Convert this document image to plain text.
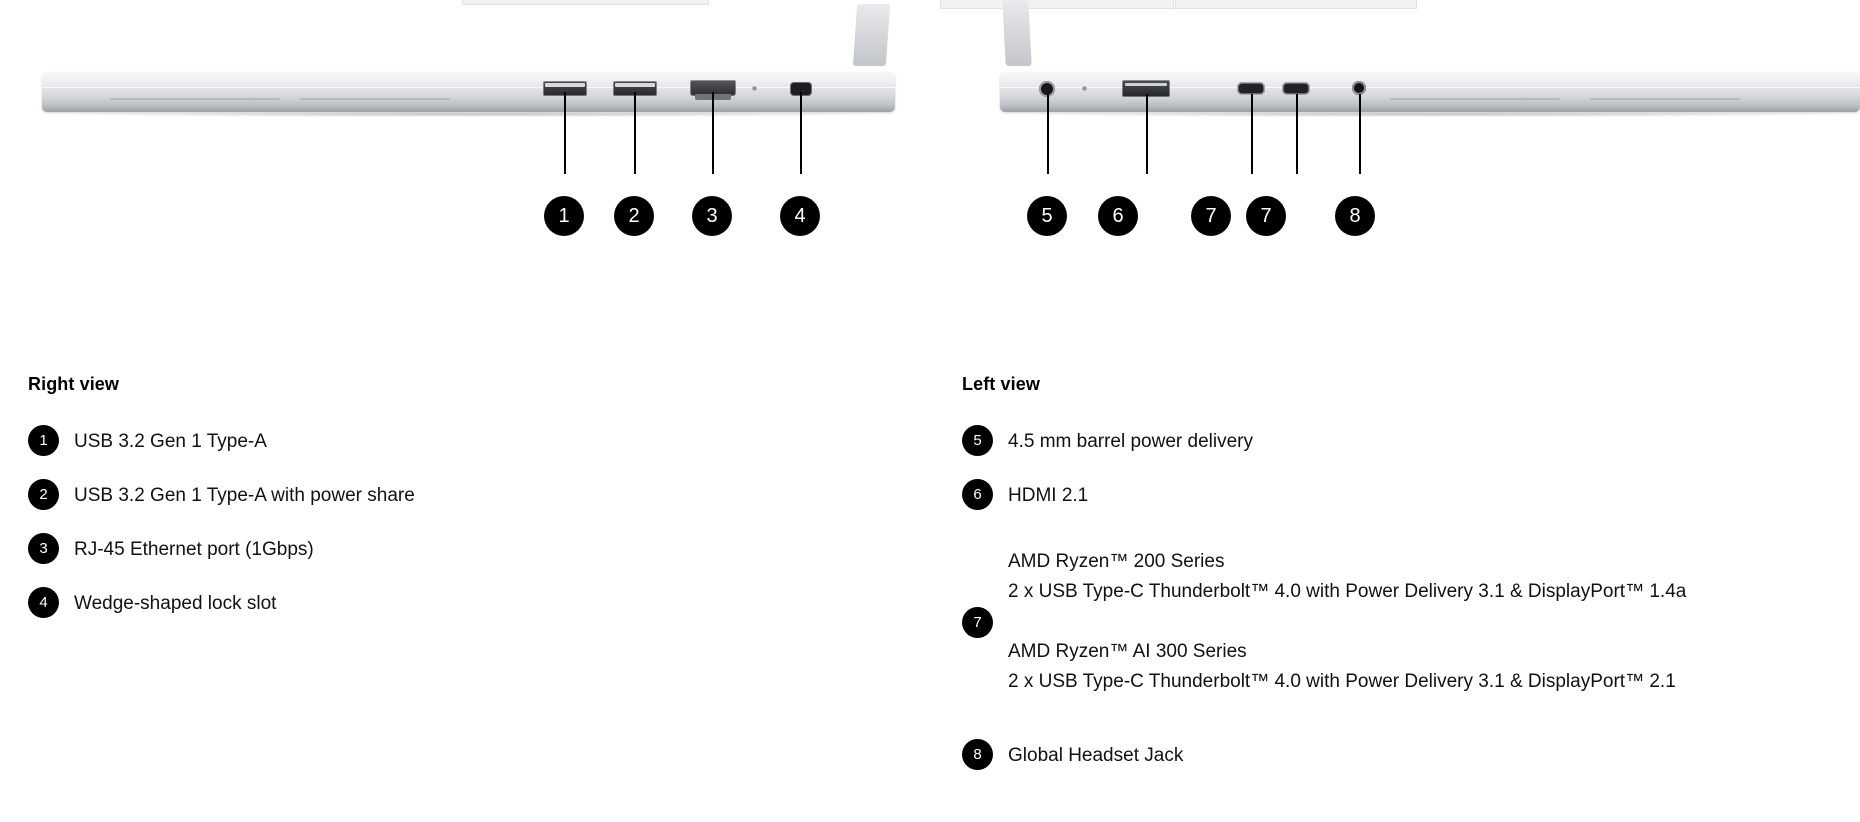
1	2	3	4	5	6	7	7	8
Right view
1	USB 3.2 Gen 1 Type-A
2	USB 3.2 Gen 1 Type-A with power share
3	RJ-45 Ethernet port (1Gbps)
4	Wedge-shaped lock slot
Left view
5	4.5 mm barrel power delivery
6	HDMI 2.1
7
AMD Ryzen™ 200 Series
2 x USB Type-C Thunderbolt™ 4.0 with Power Delivery 3.1 & DisplayPort™ 1.4a
AMD Ryzen™ AI 300 Series
2 x USB Type-C Thunderbolt™ 4.0 with Power Delivery 3.1 & DisplayPort™ 2.1
8	Global Headset Jack
